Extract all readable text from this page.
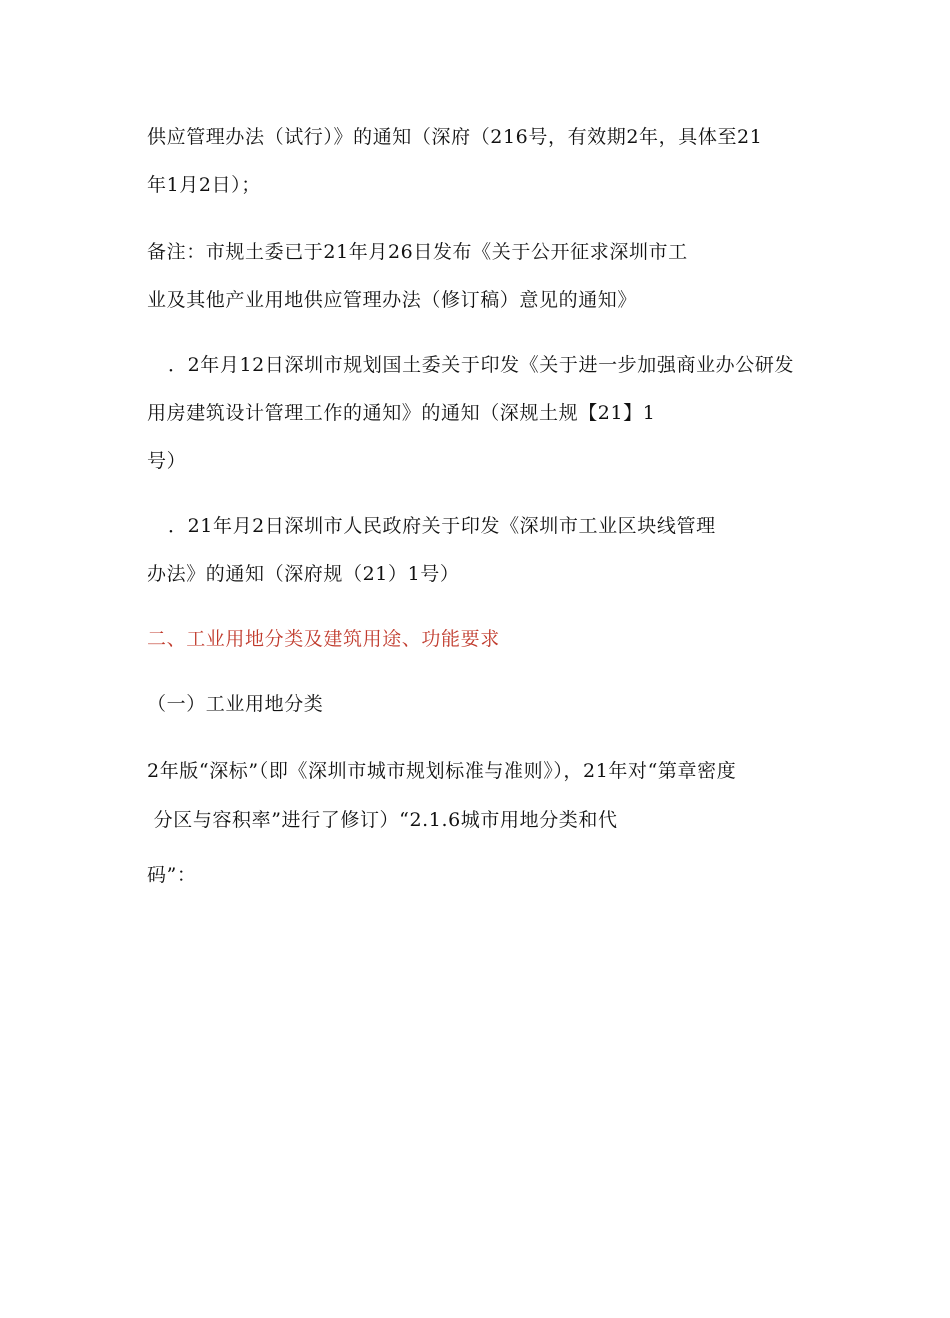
供应管理办法（试行）》的通知（深府（216号，有效期2年，具体至21
年1月2日）；
备注：市规土委已于21年月26日发布《关于公开征求深圳市工
业及其他产业用地供应管理办法（修订稿）意见的通知》
．2年月12日深圳市规划国土委关于印发《关于进一步加强商业办公研发
用房建筑设计管理工作的通知》的通知（深规土规【21】1
号）
．21年月2日深圳市人民政府关于印发《深圳市工业区块线管理
办法》的通知（深府规（21）1号）
二、工业用地分类及建筑用途、功能要求
（一）工业用地分类
2年版“深标”（即《深圳市城市规划标准与准则》），21年对“第章密度
分区与容积率”进行了修订）“2.1.6城市用地分类和代
码”：
